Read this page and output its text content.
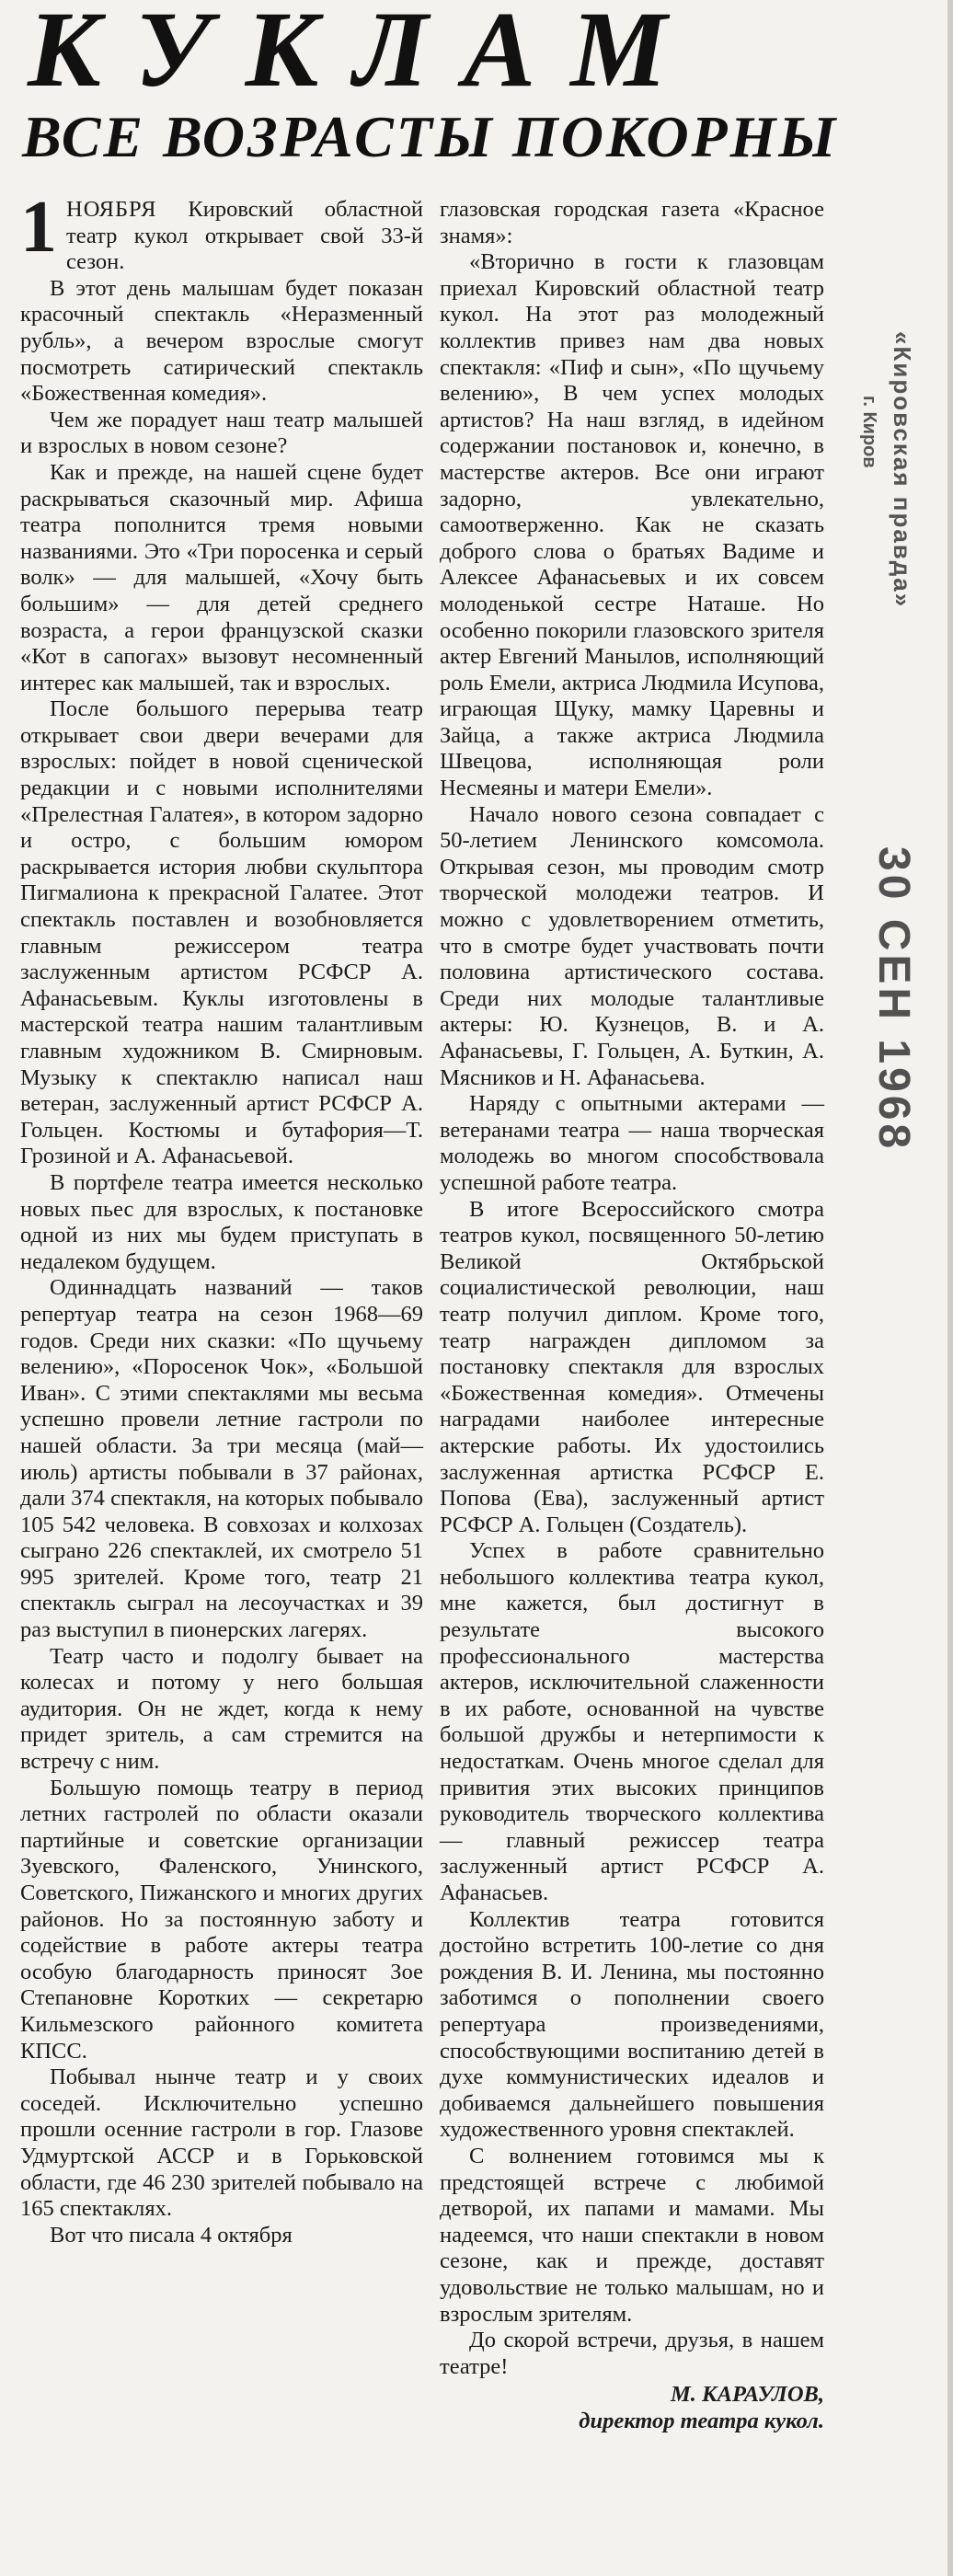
КУКЛАМ
ВСЕ ВОЗРАСТЫ ПОКОРНЫ

1 НОЯБРЯ Кировский областной театр кукол открывает свой 33-й сезон.

В этот день малышам будет показан красочный спектакль «Неразменный рубль», а вечером взрослые смогут посмотреть сатирический спектакль «Божественная комедия».

Чем же порадует наш театр малышей и взрослых в новом сезоне?

Как и прежде, на нашей сцене будет раскрываться сказочный мир. Афиша театра пополнится тремя новыми названиями. Это «Три поросенка и серый волк» — для малышей, «Хочу быть большим» — для детей среднего возраста, а герои французской сказки «Кот в сапогах» вызовут несомненный интерес как малышей, так и взрослых.

После большого перерыва театр открывает свои двери вечерами для взрослых: пойдет в новой сценической редакции и с новыми исполнителями «Прелестная Галатея», в котором задорно и остро, с большим юмором раскрывается история любви скульптора Пигмалиона к прекрасной Галатее. Этот спектакль поставлен и возобновляется главным режиссером театра заслуженным артистом РСФСР А. Афанасьевым. Куклы изготовлены в мастерской театра нашим талантливым главным художником В. Смирновым. Музыку к спектаклю написал наш ветеран, заслуженный артист РСФСР А. Гольцен. Костюмы и бутафория—Т. Грозиной и А. Афанасьевой.

В портфеле театра имеется несколько новых пьес для взрослых, к постановке одной из них мы будем приступать в недалеком будущем.

Одиннадцать названий — таков репертуар театра на сезон 1968—69 годов. Среди них сказки: «По щучьему велению», «Поросенок Чок», «Большой Иван». С этими спектаклями мы весьма успешно провели летние гастроли по нашей области. За три месяца (май—июль) артисты побывали в 37 районах, дали 374 спектакля, на которых побывало 105 542 человека. В совхозах и колхозах сыграно 226 спектаклей, их смотрело 51 995 зрителей. Кроме того, театр 21 спектакль сыграл на лесоучастках и 39 раз выступил в пионерских лагерях.

Театр часто и подолгу бывает на колесах и потому у него большая аудитория. Он не ждет, когда к нему придет зритель, а сам стремится на встречу с ним.

Большую помощь театру в период летних гастролей по области оказали партийные и советские организации Зуевского, Фаленского, Унинского, Советского, Пижанского и многих других районов. Но за постоянную заботу и содействие в работе актеры театра особую благодарность приносят Зое Степановне Коротких — секретарю Кильмезского районного комитета КПСС.

Побывал нынче театр и у своих соседей. Исключительно успешно прошли осенние гастроли в гор. Глазове Удмуртской АССР и в Горьковской области, где 46 230 зрителей побывало на 165 спектаклях.

Вот что писала 4 октября

глазовская городская газета «Красное знамя»:

«Вторично в гости к глазовцам приехал Кировский областной театр кукол. На этот раз молодежный коллектив привез нам два новых спектакля: «Пиф и сын», «По щучьему велению», В чем успех молодых артистов? На наш взгляд, в идейном содержании постановок и, конечно, в мастерстве актеров. Все они играют задорно, увлекательно, самоотверженно. Как не сказать доброго слова о братьях Вадиме и Алексее Афанасьевых и их совсем молоденькой сестре Наташе. Но особенно покорили глазовского зрителя актер Евгений Манылов, исполняющий роль Емели, актриса Людмила Исупова, играющая Щуку, мамку Царевны и Зайца, а также актриса Людмила Швецова, исполняющая роли Несмеяны и матери Емели».

Начало нового сезона совпадает с 50-летием Ленинского комсомола. Открывая сезон, мы проводим смотр творческой молодежи театров. И можно с удовлетворением отметить, что в смотре будет участвовать почти половина артистического состава. Среди них молодые талантливые актеры: Ю. Кузнецов, В. и А. Афанасьевы, Г. Гольцен, А. Буткин, А. Мясников и Н. Афанасьева.

Наряду с опытными актерами — ветеранами театра — наша творческая молодежь во многом способствовала успешной работе театра.

В итоге Всероссийского смотра театров кукол, посвященного 50-летию Великой Октябрьской социалистической революции, наш театр получил диплом. Кроме того, театр награжден дипломом за постановку спектакля для взрослых «Божественная комедия». Отмечены наградами наиболее интересные актерские работы. Их удостоились заслуженная артистка РСФСР Е. Попова (Ева), заслуженный артист РСФСР А. Гольцен (Создатель).

Успех в работе сравнительно небольшого коллектива театра кукол, мне кажется, был достигнут в результате высокого профессионального мастерства актеров, исключительной слаженности в их работе, основанной на чувстве большой дружбы и нетерпимости к недостаткам. Очень многое сделал для привития этих высоких принципов руководитель творческого коллектива — главный режиссер театра заслуженный артист РСФСР А. Афанасьев.

Коллектив театра готовится достойно встретить 100-летие со дня рождения В. И. Ленина, мы постоянно заботимся о пополнении своего репертуара произведениями, способствующими воспитанию детей в духе коммунистических идеалов и добиваемся дальнейшего повышения художественного уровня спектаклей.

С волнением готовимся мы к предстоящей встрече с любимой детворой, их папами и мамами. Мы надеемся, что наши спектакли в новом сезоне, как и прежде, доставят удовольствие не только малышам, но и взрослым зрителям.

До скорой встречи, друзья, в нашем театре!

М. КАРАУЛОВ,
директор театра кукол.
«Кировская правда»
г. Киров
30 СЕН 1968
